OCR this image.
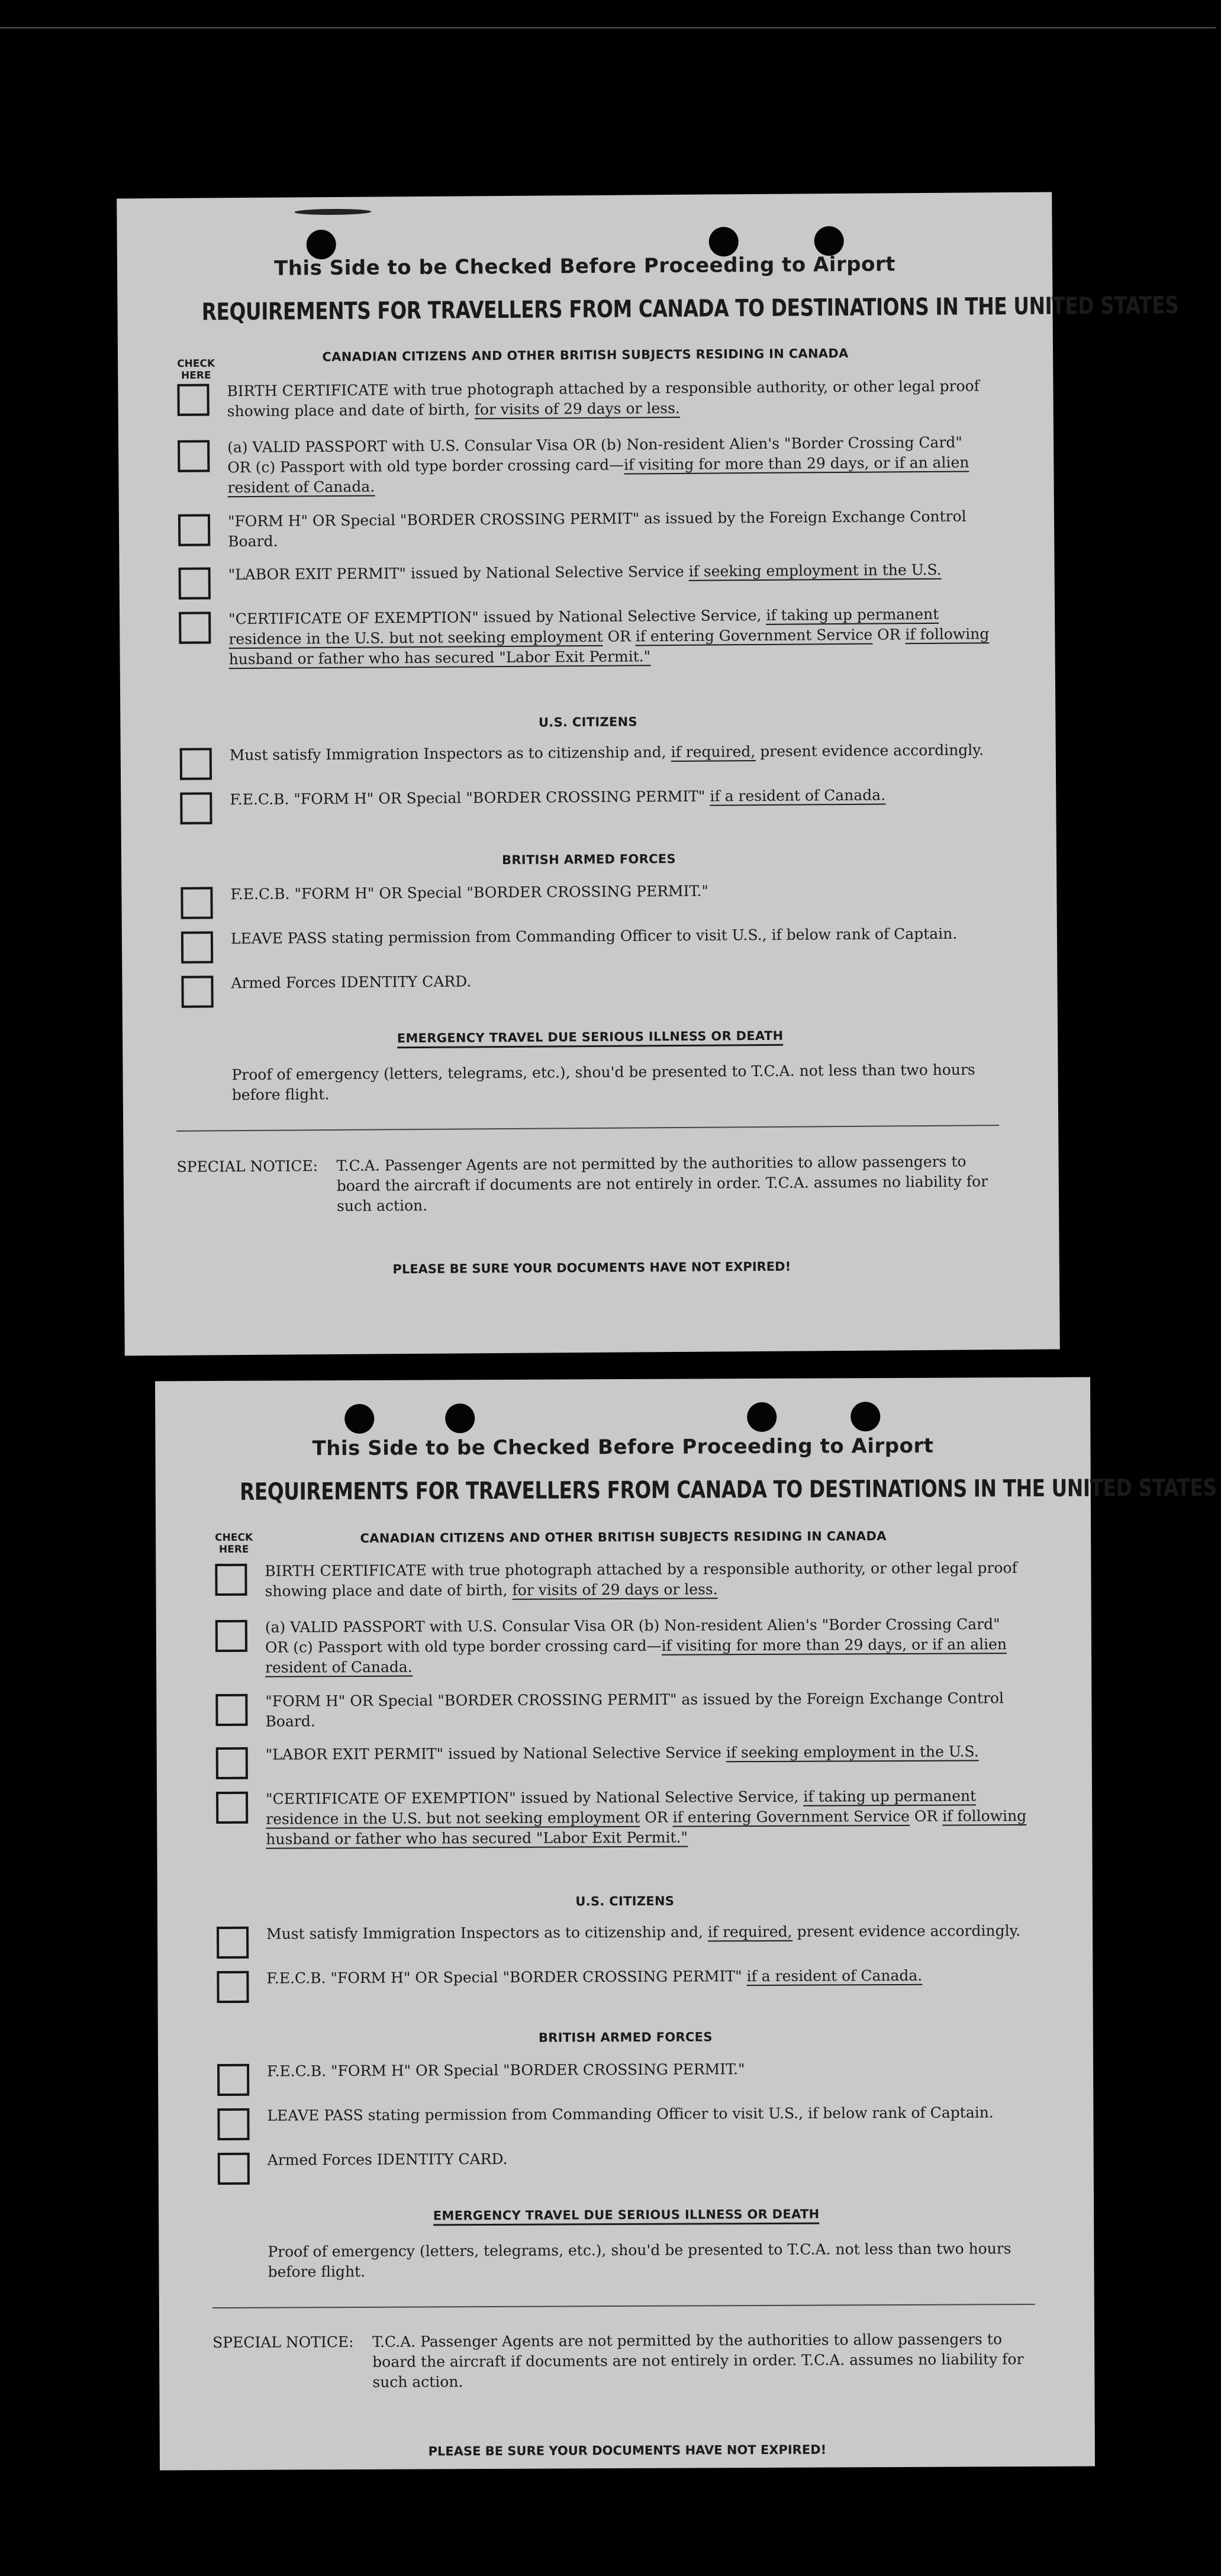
This Side to be Checked Before Proceeding to Airport
REQUIREMENTS FOR TRAVELLERS FROM CANADA TO DESTINATIONS IN THE UNITED STATES
CHECK HERE
CANADIAN CITIZENS AND OTHER BRITISH SUBJECTS RESIDING IN CANADA
BIRTH CERTIFICATE with true photograph attached by a responsible authority, or other legal proof showing place and date of birth, for visits of 29 days or less.
(a) VALID PASSPORT with U.S. Consular Visa OR (b) Non-resident Alien's "Border Crossing Card" OR (c) Passport with old type border crossing card—if visiting for more than 29 days, or if an alien resident of Canada.
"FORM H" OR Special "BORDER CROSSING PERMIT" as issued by the Foreign Exchange Control Board.
"LABOR EXIT PERMIT" issued by National Selective Service if seeking employment in the U.S.
"CERTIFICATE OF EXEMPTION" issued by National Selective Service, if taking up permanent residence in the U.S. but not seeking employment OR if entering Government Service OR if following husband or father who has secured "Labor Exit Permit."
U.S. CITIZENS
Must satisfy Immigration Inspectors as to citizenship and, if required, present evidence accordingly.
F.E.C.B. "FORM H" OR Special "BORDER CROSSING PERMIT" if a resident of Canada.
BRITISH ARMED FORCES
F.E.C.B. "FORM H" OR Special "BORDER CROSSING PERMIT."
LEAVE PASS stating permission from Commanding Officer to visit U.S., if below rank of Captain.
Armed Forces IDENTITY CARD.
EMERGENCY TRAVEL DUE SERIOUS ILLNESS OR DEATH
Proof of emergency (letters, telegrams, etc.), shou'd be presented to T.C.A. not less than two hours before flight.
SPECIAL NOTICE:	T.C.A. Passenger Agents are not permitted by the authorities to allow passengers to board the aircraft if documents are not entirely in order. T.C.A. assumes no liability for such action.
PLEASE BE SURE YOUR DOCUMENTS HAVE NOT EXPIRED!
This Side to be Checked Before Proceeding to Airport
REQUIREMENTS FOR TRAVELLERS FROM CANADA TO DESTINATIONS IN THE UNITED STATES
CHECK HERE
CANADIAN CITIZENS AND OTHER BRITISH SUBJECTS RESIDING IN CANADA
BIRTH CERTIFICATE with true photograph attached by a responsible authority, or other legal proof showing place and date of birth, for visits of 29 days or less.
(a) VALID PASSPORT with U.S. Consular Visa OR (b) Non-resident Alien's "Border Crossing Card" OR (c) Passport with old type border crossing card—if visiting for more than 29 days, or if an alien resident of Canada.
"FORM H" OR Special "BORDER CROSSING PERMIT" as issued by the Foreign Exchange Control Board.
"LABOR EXIT PERMIT" issued by National Selective Service if seeking employment in the U.S.
"CERTIFICATE OF EXEMPTION" issued by National Selective Service, if taking up permanent residence in the U.S. but not seeking employment OR if entering Government Service OR if following husband or father who has secured "Labor Exit Permit."
U.S. CITIZENS
Must satisfy Immigration Inspectors as to citizenship and, if required, present evidence accordingly.
F.E.C.B. "FORM H" OR Special "BORDER CROSSING PERMIT" if a resident of Canada.
BRITISH ARMED FORCES
F.E.C.B. "FORM H" OR Special "BORDER CROSSING PERMIT."
LEAVE PASS stating permission from Commanding Officer to visit U.S., if below rank of Captain.
Armed Forces IDENTITY CARD.
EMERGENCY TRAVEL DUE SERIOUS ILLNESS OR DEATH
Proof of emergency (letters, telegrams, etc.), shou'd be presented to T.C.A. not less than two hours before flight.
SPECIAL NOTICE:	T.C.A. Passenger Agents are not permitted by the authorities to allow passengers to board the aircraft if documents are not entirely in order. T.C.A. assumes no liability for such action.
PLEASE BE SURE YOUR DOCUMENTS HAVE NOT EXPIRED!
